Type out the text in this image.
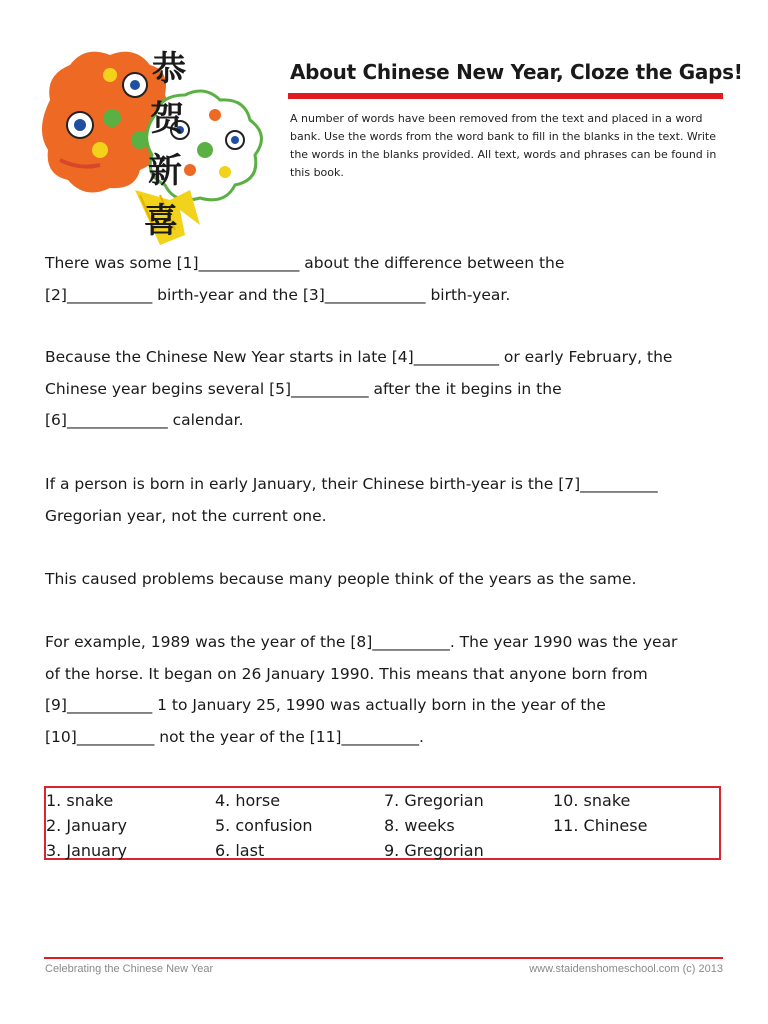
恭
贺
新
喜
About Chinese New Year, Cloze the Gaps!
A number of words have been removed from the text and placed in a word bank. Use the words from the word bank to fill in the blanks in the text. Write the words in the blanks provided. All text, words and phrases can be found in this book.
There was some [1]_____________ about the difference between the
[2]___________ birth-year and the [3]_____________ birth-year.
Because the Chinese New Year starts in late [4]___________ or early February, the
Chinese year begins several [5]__________ after the it begins in the
[6]_____________ calendar.
If a person is born in early January, their Chinese birth-year is the [7]__________
Gregorian year, not the current one.
This caused problems because many people think of the years as the same.
For example, 1989 was the year of the [8]__________. The year 1990 was the year
of the horse. It began on 26 January 1990. This means that anyone born from
[9]___________ 1 to January 25, 1990 was actually born in the year of the
[10]__________ not the year of the [11]__________.
1. snake
2. January
3. January
4. horse
5. confusion
6. last
7. Gregorian
8. weeks
9. Gregorian
10. snake
11. Chinese
Celebrating the Chinese New Year	www.staidenshomeschool.com (c) 2013
